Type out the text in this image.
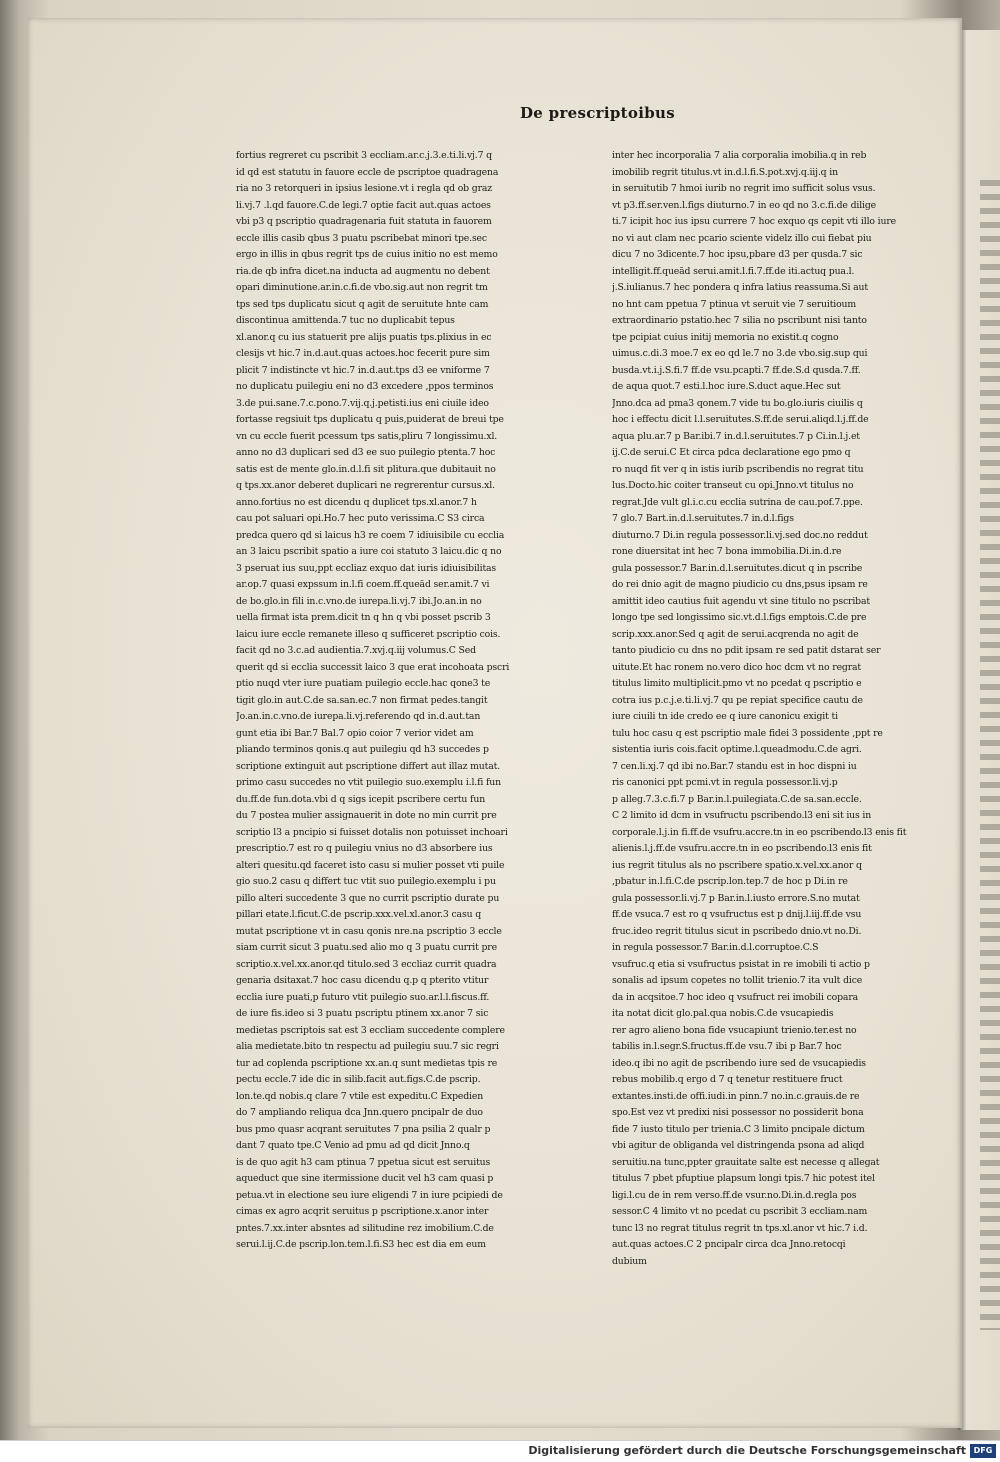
De prescriptoibus
fortius regreret cu pscribit 3 eccliam.ar.c.j.3.e.ti.li.vj.7 q
id qd est statutu in fauore eccle de pscriptoe quadragena
ria no 3 retorqueri in ipsius lesione.vt i regla qd ob graz
li.vj.7 .l.qd fauore.C.de legi.7 optie facit aut.quas actoes
vbi p3 q pscriptio quadragenaria fuit statuta in fauorem
eccle illis casib qbus 3 puatu pscribebat minori tpe.sec
ergo in illis in qbus regrit tps de cuius initio no est memo
ria.de qb infra dicet.na inducta ad augmentu no debent
opari diminutione.ar.in.c.fi.de vbo.sig.aut non regrit tm
tps sed tps duplicatu sicut q agit de seruitute hnte cam
discontinua amittenda.7 tuc no duplicabit tepus
xl.anor.q cu ius statuerit pre alijs puatis tps.plixius in ec
clesijs vt hic.7 in.d.aut.quas actoes.hoc fecerit pure sim
plicit 7 indistincte vt hic.7 in.d.aut.tps d3 ee vniforme 7
no duplicatu puilegiu eni no d3 excedere ,ppos terminos
3.de pui.sane.7.c.pono.7.vij.q.j.petisti.ius eni ciuile ideo
fortasse regsiuit tps duplicatu q puis,puiderat de breui tpe
vn cu eccle fuerit pcessum tps satis,pliru 7 longissimu.xl.
anno no d3 duplicari sed d3 ee suo puilegio ptenta.7 hoc
satis est de mente glo.in.d.l.fi sit plitura.que dubitauit no
q tps.xx.anor deberet duplicari ne regrerentur cursus.xl.
anno.fortius no est dicendu q duplicet tps.xl.anor.7 h
cau pot saluari opi.Ho.7 hec puto verissima.C S3 circa
predca quero qd si laicus h3 re coem 7 idiuisibile cu ecclia
an 3 laicu pscribit spatio a iure coi statuto 3 laicu.dic q no
3 pseruat ius suu,ppt eccliaz exquo dat iuris idiuisibilitas
ar.op.7 quasi expssum in.l.fi coem.ff.queād ser.amit.7 vi
de bo.glo.in fili in.c.vno.de iurepa.li.vj.7 ibi.Jo.an.in no
uella firmat ista prem.dicit tn q hn q vbi posset pscrib 3
laicu iure eccle remanete illeso q sufficeret pscriptio cois.
facit qd no 3.c.ad audientia.7.xvj.q.iij volumus.C Sed
querit qd si ecclia successit laico 3 que erat incohoata pscri
ptio nuqd vter iure puatiam puilegio eccle.hac qone3 te
tigit glo.in aut.C.de sa.san.ec.7 non firmat pedes.tangit
Jo.an.in.c.vno.de iurepa.li.vj.referendo qd in.d.aut.tan
gunt etia ibi Bar.7 Bal.7 opio coior 7 verior videt am
pliando terminos qonis.q aut puilegiu qd h3 succedes p
scriptione extinguit aut pscriptione differt aut illaz mutat.
primo casu succedes no vtit puilegio suo.exemplu i.l.fi fun
du.ff.de fun.dota.vbi d q sigs icepit pscribere certu fun
du 7 postea mulier assignauerit in dote no min currit pre
scriptio l3 a pncipio si fuisset dotalis non potuisset inchoari
prescriptio.7 est ro q puilegiu vnius no d3 absorbere ius
alteri quesitu.qd faceret isto casu si mulier posset vti puile
gio suo.2 casu q differt tuc vtit suo puilegio.exemplu i pu
pillo alteri succedente 3 que no currit pscriptio durate pu
pillari etate.l.ficut.C.de pscrip.xxx.vel.xl.anor.3 casu q
mutat pscriptione vt in casu qonis nre.na pscriptio 3 eccle
siam currit sicut 3 puatu.sed alio mo q 3 puatu currit pre
scriptio.x.vel.xx.anor.qd titulo.sed 3 eccliaz currit quadra
genaria dsitaxat.7 hoc casu dicendu q.p q pterito vtitur
ecclia iure puati,p futuro vtit puilegio suo.ar.l.l.fiscus.ff.
de iure fis.ideo si 3 puatu pscriptu ptinem xx.anor 7 sic
medietas pscriptois sat est 3 eccliam succedente complere
alia medietate.bito tn respectu ad puilegiu suu.7 sic regri
tur ad coplenda pscriptione xx.an.q sunt medietas tpis re
pectu eccle.7 ide dic in silib.facit aut.figs.C.de pscrip.
lon.te.qd nobis.q clare 7 vtile est expeditu.C Expedien
do 7 ampliando reliqua dca Jnn.quero pncipalr de duo
bus pmo quasr acqrant seruitutes 7 pna psilia 2 qualr p
dant 7 quato tpe.C Venio ad pmu ad qd dicit Jnno.q
is de quo agit h3 cam ptinua 7 ppetua sicut est seruitus
aqueduct que sine itermissione ducit vel h3 cam quasi p
petua.vt in electione seu iure eligendi 7 in iure pcipiedi de
cimas ex agro acqrit seruitus p pscriptione.x.anor inter
pntes.7.xx.inter absntes ad silitudine rez imobilium.C.de
serui.l.ij.C.de pscrip.lon.tem.l.fi.S3 hec est dia em eum
inter hec incorporalia 7 alia corporalia imobilia.q in reb
imobilib regrit titulus.vt in.d.l.fi.S.pot.xvj.q.iij.q in
in seruitutib 7 hmoi iurib no regrit imo sufficit solus vsus.
vt p3.ff.ser.ven.l.figs diuturno.7 in eo qd no 3.c.fi.de dilige
ti.7 icipit hoc ius ipsu currere 7 hoc exquo qs cepit vti illo iure
no vi aut clam nec pcario sciente videlz illo cui fiebat piu
dicu 7 no 3dicente.7 hoc ipsu,pbare d3 per qusda.7 sic
intelligit.ff.queād serui.amit.l.fi.7.ff.de iti.actuq pua.l.
j.S.iulianus.7 hec pondera q infra latius reassuma.Si aut
no hnt cam ppetua 7 ptinua vt seruit vie 7 seruitioum
extraordinario pstatio.hec 7 silia no pscribunt nisi tanto
tpe pcipiat cuius initij memoria no existit.q cogno
uimus.c.di.3 moe.7 ex eo qd le.7 no 3.de vbo.sig.sup qui
busda.vt.i.j.S.fi.7 ff.de vsu.pcapti.7 ff.de.S.d qusda.7.ff.
de aqua quot.7 esti.l.hoc iure.S.duct aque.Hec sut
Jnno.dca ad pma3 qonem.7 vide tu bo.glo.iuris ciuilis q
hoc i effectu dicit l.l.seruitutes.S.ff.de serui.aliqd.l.j.ff.de
aqua plu.ar.7 p Bar.ibi.7 in.d.l.seruitutes.7 p Ci.in.l.j.et
ij.C.de serui.C Et circa pdca declaratione ego pmo q
ro nuqd fit ver q in istis iurib pscribendis no regrat titu
lus.Docto.hic coiter transeut cu opi.Jnno.vt titulus no
regrat.Jde vult gl.i.c.cu ecclia sutrina de cau.pof.7.ppe.
7 glo.7 Bart.in.d.l.seruitutes.7 in.d.l.figs
diuturno.7 Di.in regula possessor.li.vj.sed doc.no reddut
rone diuersitat int hec 7 bona immobilia.Di.in.d.re
gula possessor.7 Bar.in.d.l.seruitutes.dicut q in pscribe
do rei dnio agit de magno piudicio cu dns,psus ipsam re
amittit ideo cautius fuit agendu vt sine titulo no pscribat
longo tpe sed longissimo sic.vt.d.l.figs emptois.C.de pre
scrip.xxx.anor.Sed q agit de serui.acqrenda no agit de
tanto piudicio cu dns no pdit ipsam re sed patit dstarat ser
uitute.Et hac ronem no.vero dico hoc dcm vt no regrat
titulus limito multiplicit.pmo vt no pcedat q pscriptio e
cotra ius p.c.j.e.ti.li.vj.7 qu pe repiat specifice cautu de
iure ciuili tn ide credo ee q iure canonicu exigit ti
tulu hoc casu q est pscriptio male fidei 3 possidente ,ppt re
sistentia iuris cois.facit optime.l.queadmodu.C.de agri.
7 cen.li.xj.7 qd ibi no.Bar.7 standu est in hoc dispni iu
ris canonici ppt pcmi.vt in regula possessor.li.vj.p
p alleg.7.3.c.fi.7 p Bar.in.l.puilegiata.C.de sa.san.eccle.
C 2 limito id dcm in vsufructu pscribendo.l3 eni sit ius in
corporale.l.j.in fi.ff.de vsufru.accre.tn in eo pscribendo.l3 enis fit
alienis.l.j.ff.de vsufru.accre.tn in eo pscribendo.l3 enis fit
ius regrit titulus als no pscribere spatio.x.vel.xx.anor q
,pbatur in.l.fi.C.de pscrip.lon.tep.7 de hoc p Di.in re
gula possessor.li.vj.7 p Bar.in.l.iusto errore.S.no mutat
ff.de vsuca.7 est ro q vsufructus est p dnij.l.iij.ff.de vsu
fruc.ideo regrit titulus sicut in pscribedo dnio.vt no.Di.
in regula possessor.7 Bar.in.d.l.corruptoe.C.S
vsufruc.q etia si vsufructus psistat in re imobili ti actio p
sonalis ad ipsum copetes no tollit trienio.7 ita vult dice
da in acqsitoe.7 hoc ideo q vsufruct rei imobili copara
ita notat dicit glo.pal.qua nobis.C.de vsucapiedis
rer agro alieno bona fide vsucapiunt trienio.ter.est no
tabilis in.l.segr.S.fructus.ff.de vsu.7 ibi p Bar.7 hoc
ideo.q ibi no agit de pscribendo iure sed de vsucapiedis
rebus mobilib.q ergo d 7 q tenetur restituere fruct
extantes.insti.de offi.iudi.in pinn.7 no.in.c.grauis.de re
spo.Est vez vt predixi nisi possessor no possiderit bona
fide 7 iusto titulo per trienia.C 3 limito pncipale dictum
vbi agitur de obliganda vel distringenda psona ad aliqd
seruitiu.na tunc,ppter grauitate salte est necesse q allegat
titulus 7 pbet pfuptiue plapsum longi tpis.7 hic potest itel
ligi.l.cu de in rem verso.ff.de vsur.no.Di.in.d.regla pos
sessor.C 4 limito vt no pcedat cu pscribit 3 eccliam.nam
tunc l3 no regrat titulus regrit tn tps.xl.anor vt hic.7 i.d.
aut.quas actoes.C 2 pncipalr circa dca Jnno.retocqi
dubium
Digitalisierung gefördert durch die Deutsche Forschungsgemeinschaft DFG
